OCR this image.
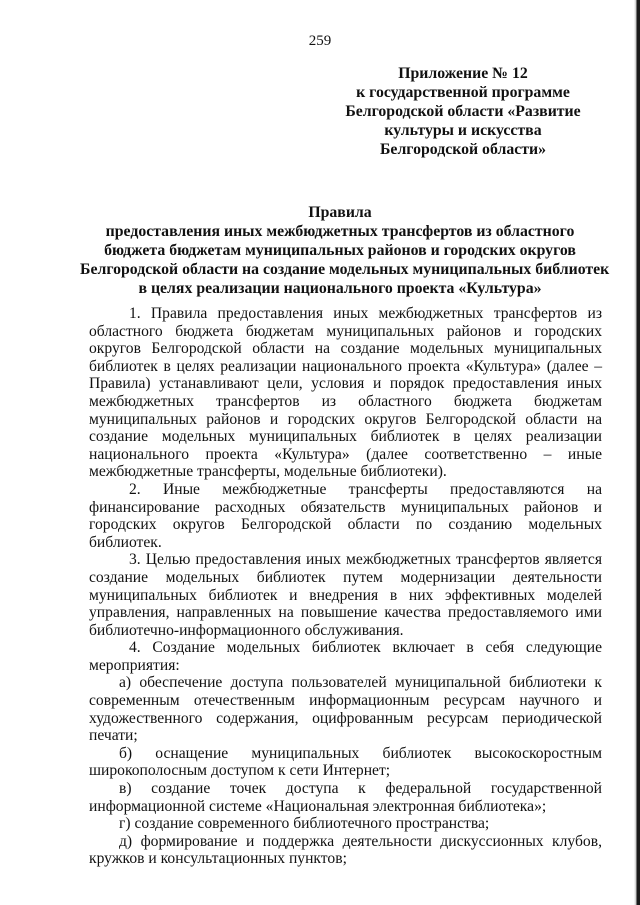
259
Приложение № 12
к государственной программе
Белгородской области «Развитие
культуры и искусства
Белгородской области»
Правила
предоставления иных межбюджетных трансфертов из областного
бюджета бюджетам муниципальных районов и городских округов
Белгородской области на создание модельных муниципальных библиотек
в целях реализации национального проекта «Культура»

1. Правила предоставления иных межбюджетных трансфертов из областного бюджета бюджетам муниципальных районов и городских округов Белгородской области на создание модельных муниципальных библиотек в целях реализации национального проекта «Культура» (далее – Правила) устанавливают цели, условия и порядок предоставления иных межбюджетных трансфертов из областного бюджета бюджетам муниципальных районов и городских округов Белгородской области на создание модельных муниципальных библиотек в целях реализации национального проекта «Культура» (далее соответственно – иные межбюджетные трансферты, модельные библиотеки).

2. Иные межбюджетные трансферты предоставляются на финансирование расходных обязательств муниципальных районов и городских округов Белгородской области по созданию модельных библиотек.

3. Целью предоставления иных межбюджетных трансфертов является создание модельных библиотек путем модернизации деятельности муниципальных библиотек и внедрения в них эффективных моделей управления, направленных на повышение качества предоставляемого ими библиотечно-информационного обслуживания.

4. Создание модельных библиотек включает в себя следующие мероприятия:

а) обеспечение доступа пользователей муниципальной библиотеки к современным отечественным информационным ресурсам научного и художественного содержания, оцифрованным ресурсам периодической печати;

б) оснащение муниципальных библиотек высокоскоростным широкополосным доступом к сети Интернет;

в) создание точек доступа к федеральной государственной информационной системе «Национальная электронная библиотека»;

г) создание современного библиотечного пространства;

д) формирование и поддержка деятельности дискуссионных клубов, кружков и консультационных пунктов;
